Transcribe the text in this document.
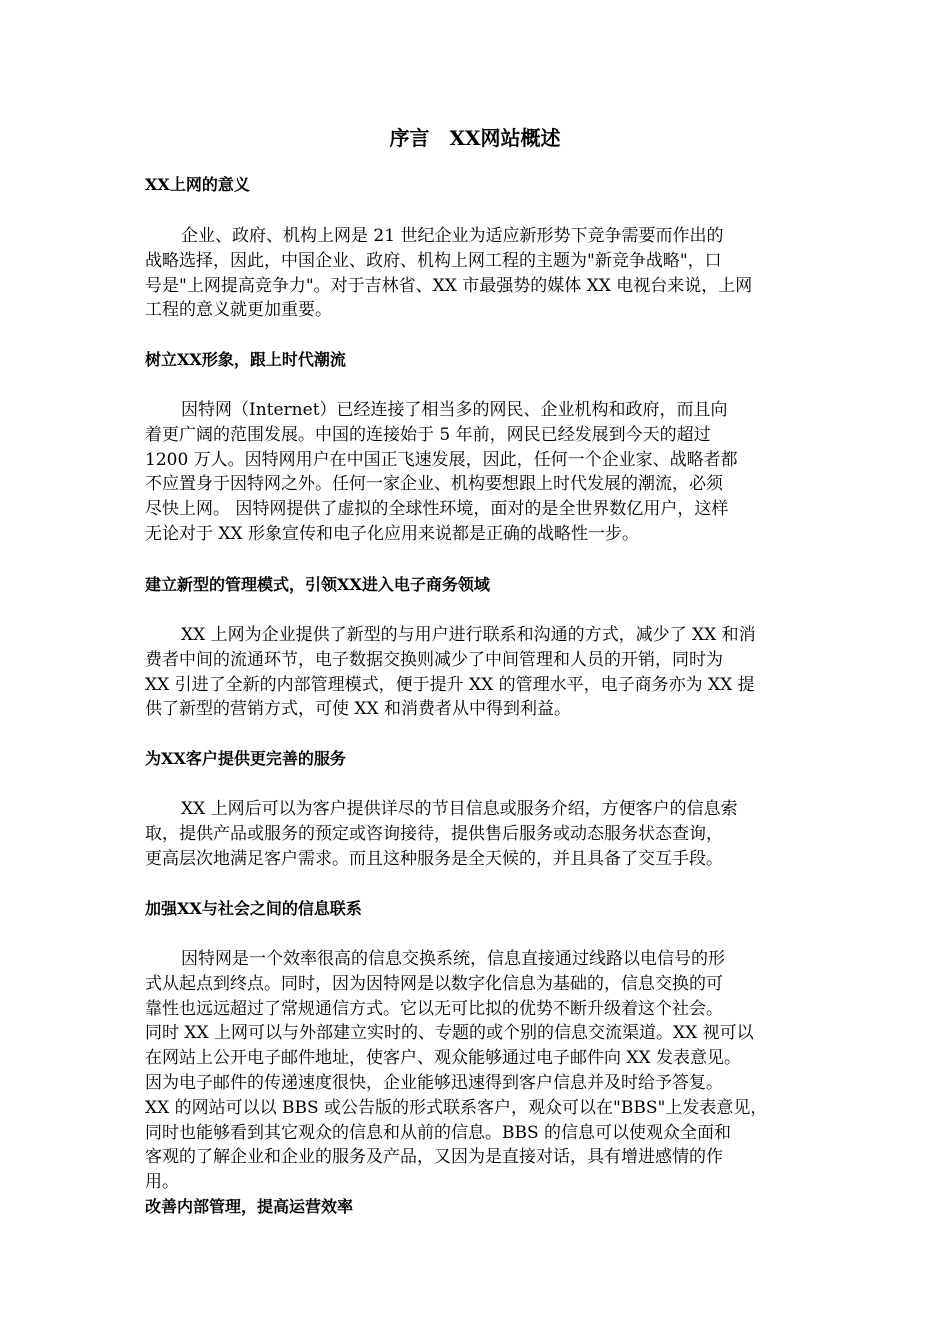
序言　XX网站概述
XX上网的意义
企业、政府、机构上网是 21 世纪企业为适应新形势下竞争需要而作出的
战略选择，因此，中国企业、政府、机构上网工程的主题为"新竞争战略"，口
号是"上网提高竞争力"。对于吉林省、XX 市最强势的媒体 XX 电视台来说，上网
工程的意义就更加重要。
树立XX形象，跟上时代潮流
因特网（Internet）已经连接了相当多的网民、企业机构和政府，而且向
着更广阔的范围发展。中国的连接始于 5 年前，网民已经发展到今天的超过
1200 万人。因特网用户在中国正飞速发展，因此，任何一个企业家、战略者都
不应置身于因特网之外。任何一家企业、机构要想跟上时代发展的潮流，必须
尽快上网。 因特网提供了虚拟的全球性环境，面对的是全世界数亿用户，这样
无论对于 XX 形象宣传和电子化应用来说都是正确的战略性一步。
建立新型的管理模式，引领XX进入电子商务领域
XX 上网为企业提供了新型的与用户进行联系和沟通的方式，减少了 XX 和消
费者中间的流通环节，电子数据交换则减少了中间管理和人员的开销，同时为
XX 引进了全新的内部管理模式，便于提升 XX 的管理水平，电子商务亦为 XX 提
供了新型的营销方式，可使 XX 和消费者从中得到利益。
为XX客户提供更完善的服务
XX 上网后可以为客户提供详尽的节目信息或服务介绍，方便客户的信息索
取，提供产品或服务的预定或咨询接待，提供售后服务或动态服务状态查询，
更高层次地满足客户需求。而且这种服务是全天候的，并且具备了交互手段。
加强XX与社会之间的信息联系
因特网是一个效率很高的信息交换系统，信息直接通过线路以电信号的形
式从起点到终点。同时，因为因特网是以数字化信息为基础的，信息交换的可
靠性也远远超过了常规通信方式。它以无可比拟的优势不断升级着这个社会。
同时 XX 上网可以与外部建立实时的、专题的或个别的信息交流渠道。XX 视可以
在网站上公开电子邮件地址，使客户、观众能够通过电子邮件向 XX 发表意见。
因为电子邮件的传递速度很快，企业能够迅速得到客户信息并及时给予答复。
XX 的网站可以以 BBS 或公告版的形式联系客户，观众可以在"BBS"上发表意见，
同时也能够看到其它观众的信息和从前的信息。BBS 的信息可以使观众全面和
客观的了解企业和企业的服务及产品，又因为是直接对话，具有增进感情的作
用。
改善内部管理，提高运营效率
